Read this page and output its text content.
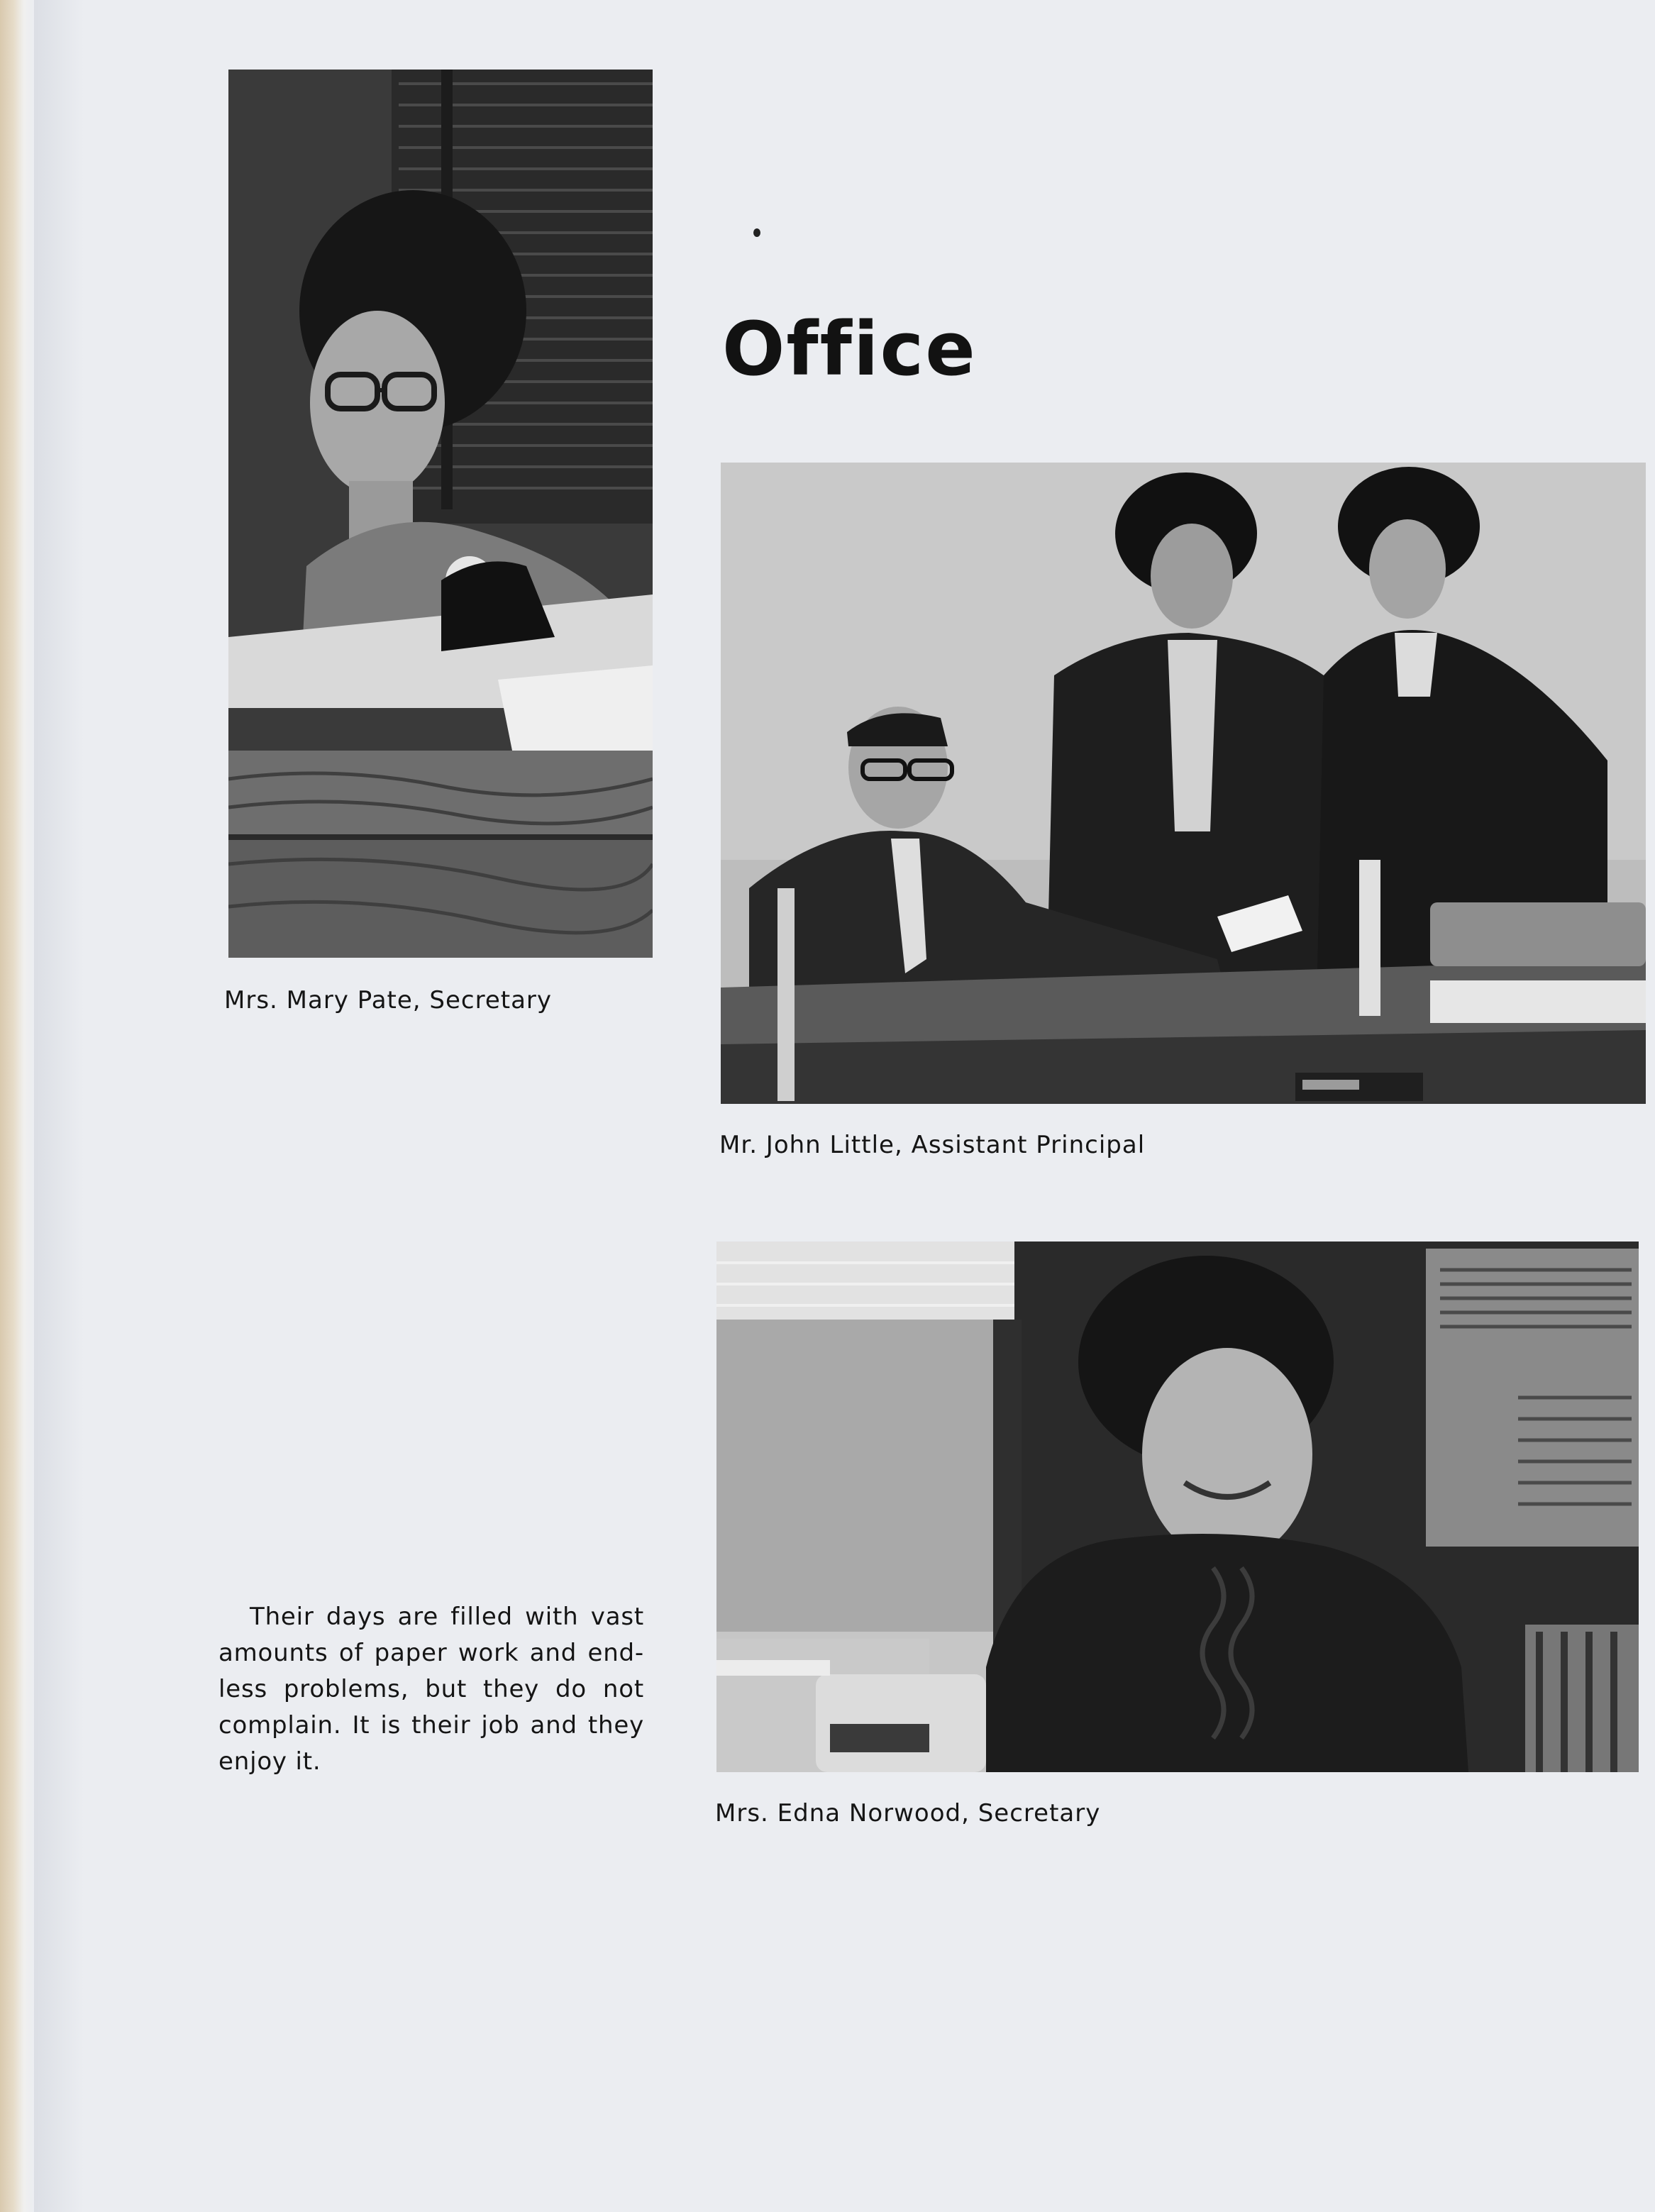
Office

Mrs. Mary Pate, Secretary

Mr. John Little, Assistant Principal

Mrs. Edna Norwood, Secretary

Their days are filled with vast amounts of paper work and end-less problems, but they do not complain. It is their job and they enjoy it.
